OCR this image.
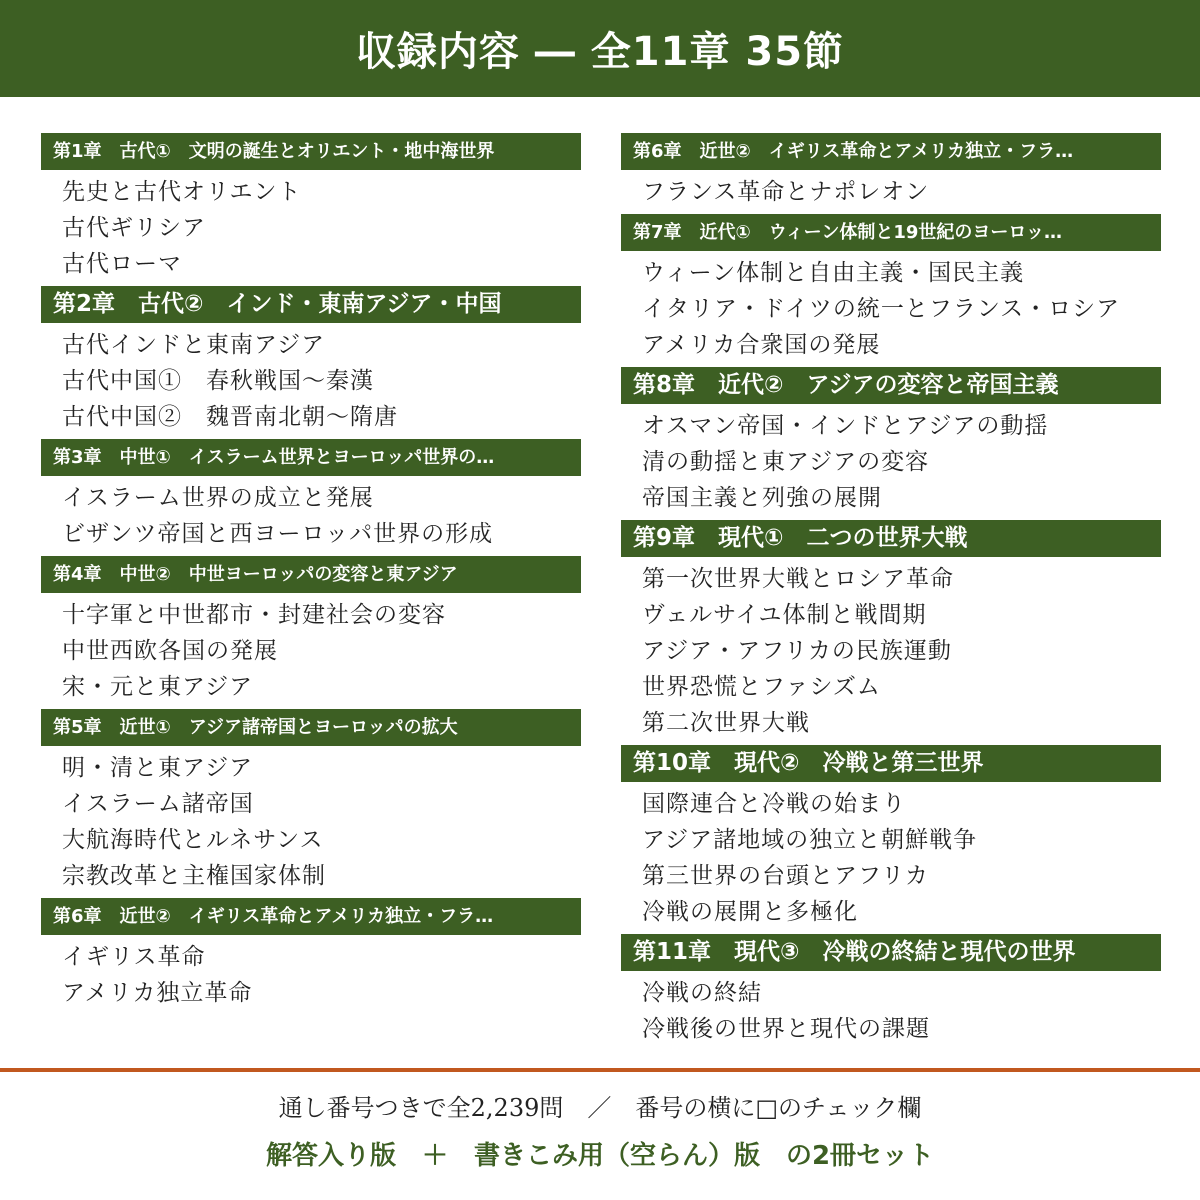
収録内容 ― 全11章 35節
第1章　古代①　文明の誕生とオリエント・地中海世界
先史と古代オリエント
古代ギリシア
古代ローマ
第2章　古代②　インド・東南アジア・中国
古代インドと東南アジア
古代中国①　春秋戦国～秦漢
古代中国②　魏晋南北朝～隋唐
第3章　中世①　イスラーム世界とヨーロッパ世界の…
イスラーム世界の成立と発展
ビザンツ帝国と西ヨーロッパ世界の形成
第4章　中世②　中世ヨーロッパの変容と東アジア
十字軍と中世都市・封建社会の変容
中世西欧各国の発展
宋・元と東アジア
第5章　近世①　アジア諸帝国とヨーロッパの拡大
明・清と東アジア
イスラーム諸帝国
大航海時代とルネサンス
宗教改革と主権国家体制
第6章　近世②　イギリス革命とアメリカ独立・フラ…
イギリス革命
アメリカ独立革命
第6章　近世②　イギリス革命とアメリカ独立・フラ…
フランス革命とナポレオン
第7章　近代①　ウィーン体制と19世紀のヨーロッ…
ウィーン体制と自由主義・国民主義
イタリア・ドイツの統一とフランス・ロシア
アメリカ合衆国の発展
第8章　近代②　アジアの変容と帝国主義
オスマン帝国・インドとアジアの動揺
清の動揺と東アジアの変容
帝国主義と列強の展開
第9章　現代①　二つの世界大戦
第一次世界大戦とロシア革命
ヴェルサイユ体制と戦間期
アジア・アフリカの民族運動
世界恐慌とファシズム
第二次世界大戦
第10章　現代②　冷戦と第三世界
国際連合と冷戦の始まり
アジア諸地域の独立と朝鮮戦争
第三世界の台頭とアフリカ
冷戦の展開と多極化
第11章　現代③　冷戦の終結と現代の世界
冷戦の終結
冷戦後の世界と現代の課題
通し番号つきで全2,239問　／　番号の横に□のチェック欄
解答入り版　＋　書きこみ用（空らん）版　の2冊セット
